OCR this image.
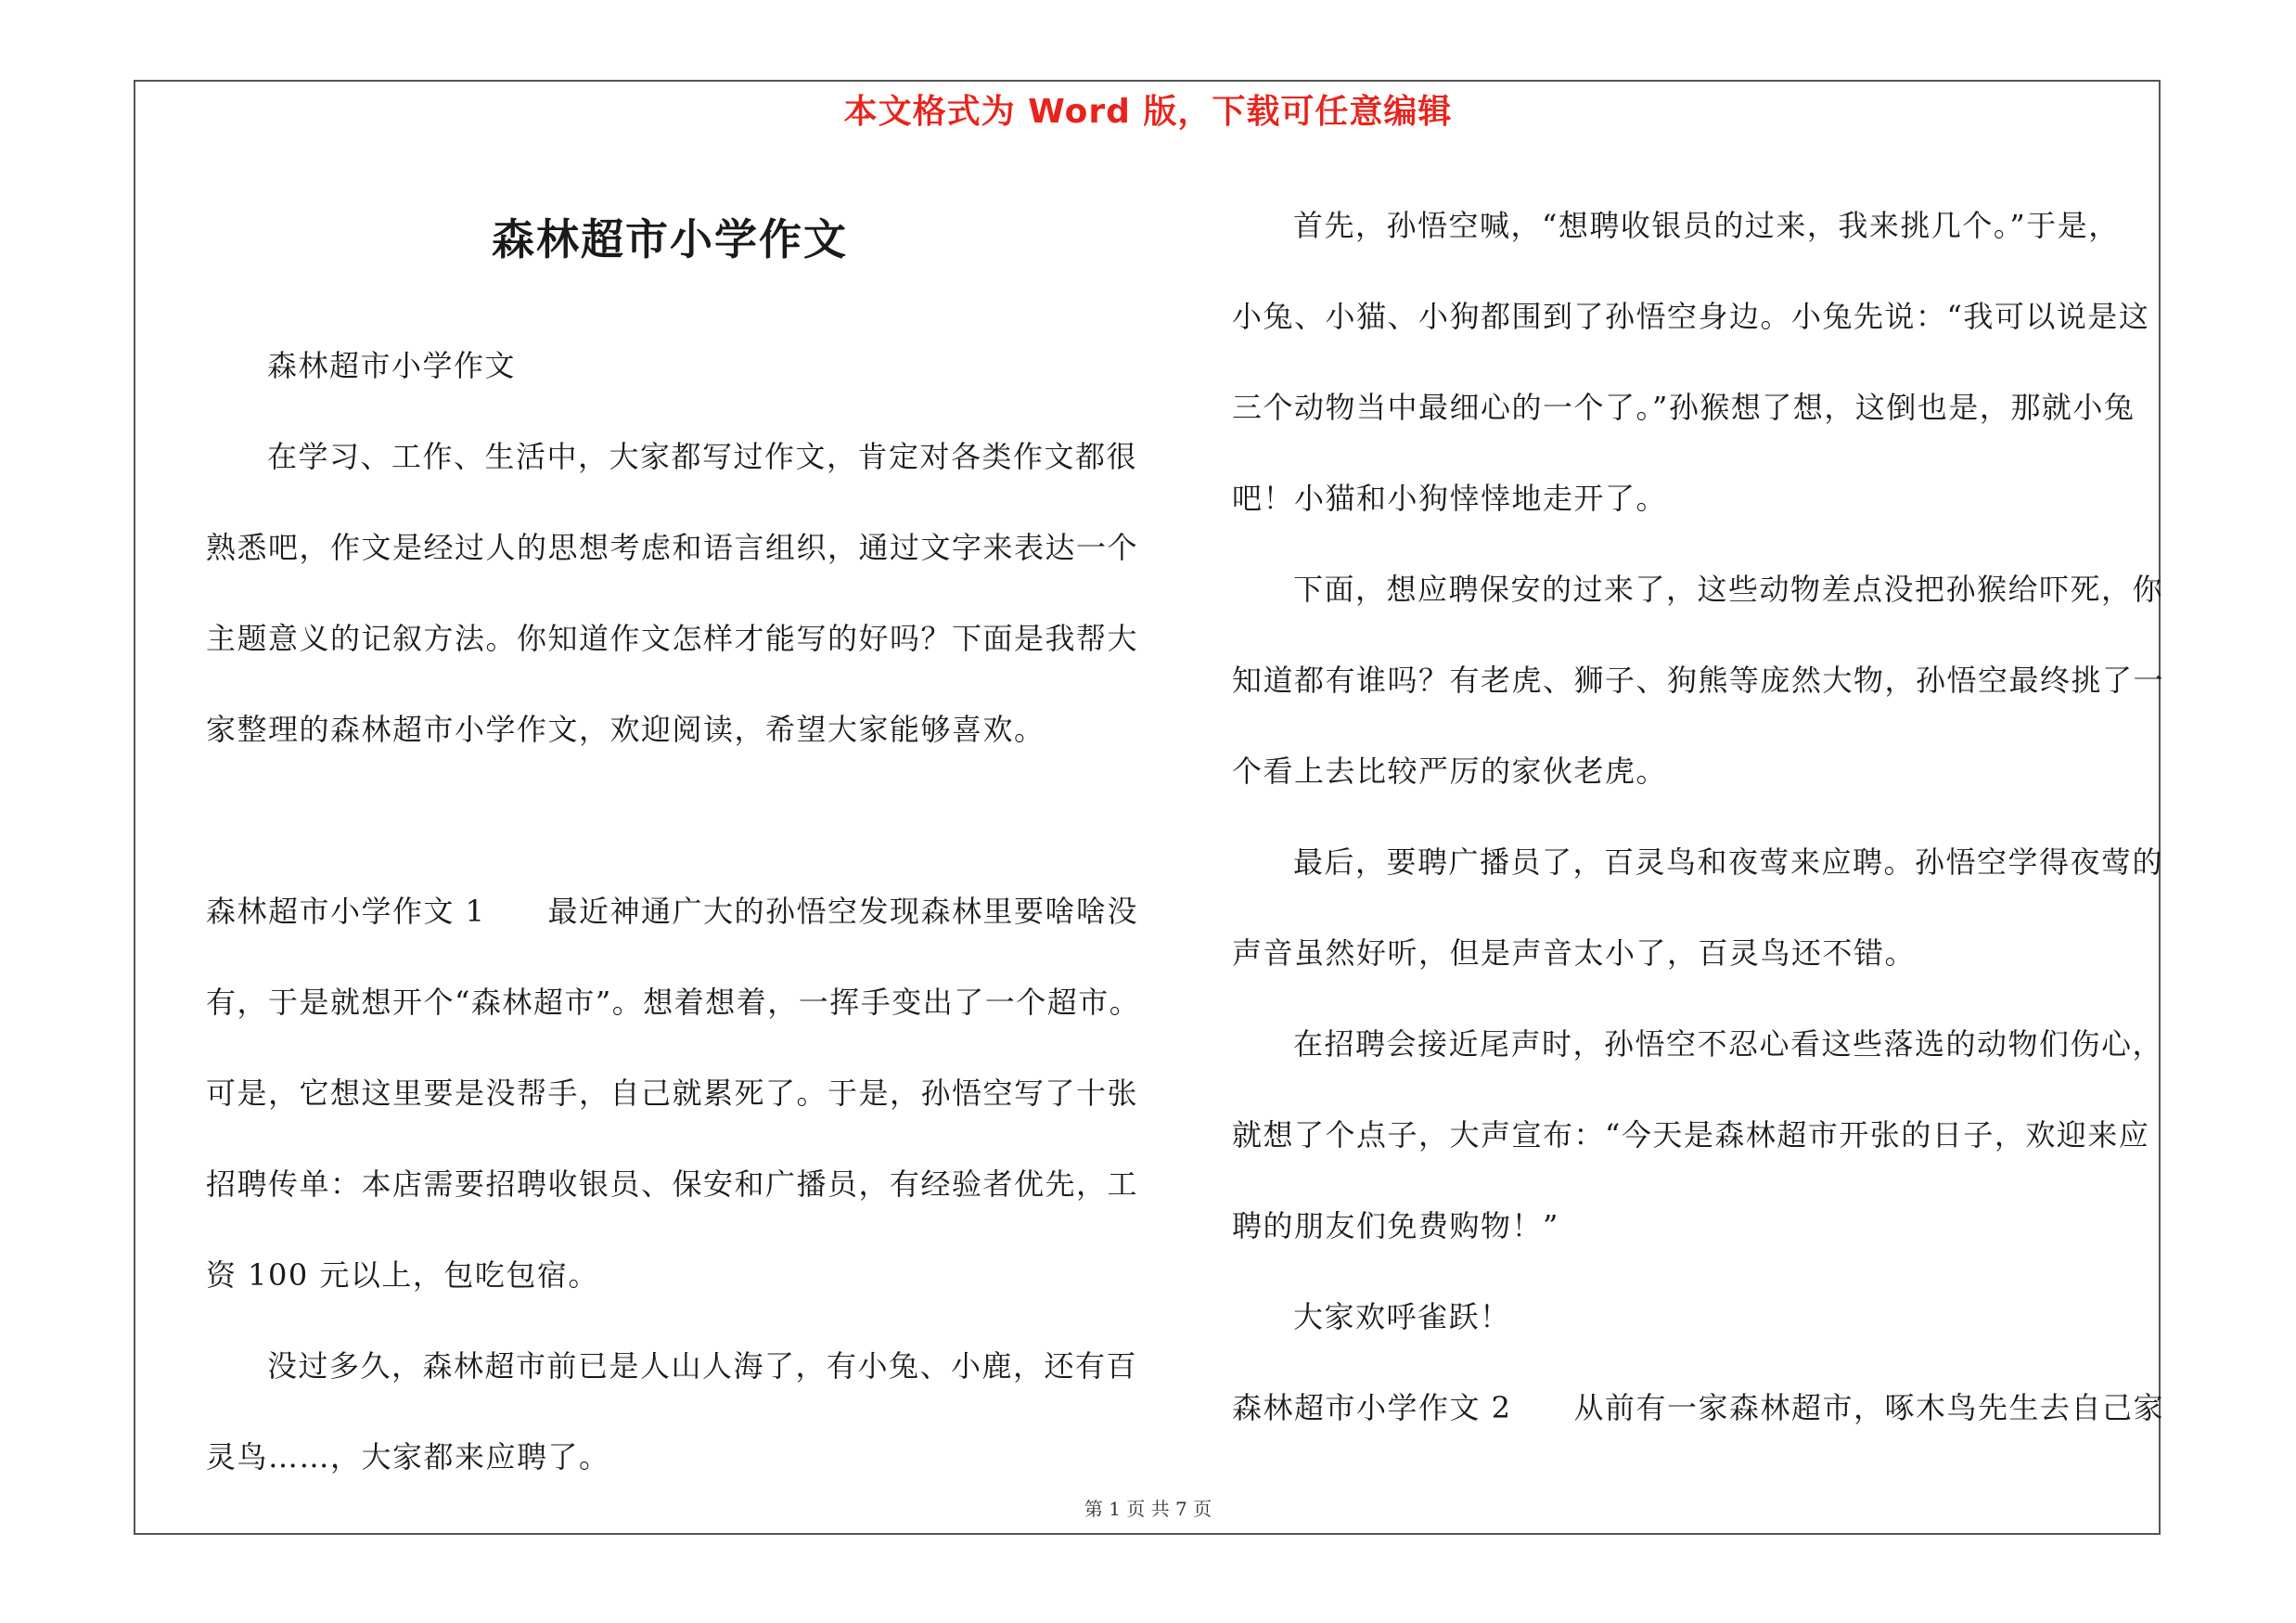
本文格式为 Word 版，下载可任意编辑
森林超市小学作文
森林超市小学作文
在学习、工作、生活中，大家都写过作文，肯定对各类作文都很
熟悉吧，作文是经过人的思想考虑和语言组织，通过文字来表达一个
主题意义的记叙方法。你知道作文怎样才能写的好吗？下面是我帮大
家整理的森林超市小学作文，欢迎阅读，希望大家能够喜欢。
森林超市小学作文 1　　最近神通广大的孙悟空发现森林里要啥啥没
有，于是就想开个“森林超市”。想着想着，一挥手变出了一个超市。
可是，它想这里要是没帮手，自己就累死了。于是，孙悟空写了十张
招聘传单：本店需要招聘收银员、保安和广播员，有经验者优先，工
资 100 元以上，包吃包宿。
没过多久，森林超市前已是人山人海了，有小兔、小鹿，还有百
灵鸟……，大家都来应聘了。
首先，孙悟空喊，“想聘收银员的过来，我来挑几个。”于是，
小兔、小猫、小狗都围到了孙悟空身边。小兔先说：“我可以说是这
三个动物当中最细心的一个了。”孙猴想了想，这倒也是，那就小兔
吧！小猫和小狗悻悻地走开了。
下面，想应聘保安的过来了，这些动物差点没把孙猴给吓死，你
知道都有谁吗？有老虎、狮子、狗熊等庞然大物，孙悟空最终挑了一
个看上去比较严厉的家伙老虎。
最后，要聘广播员了，百灵鸟和夜莺来应聘。孙悟空学得夜莺的
声音虽然好听，但是声音太小了，百灵鸟还不错。
在招聘会接近尾声时，孙悟空不忍心看这些落选的动物们伤心，
就想了个点子，大声宣布：“今天是森林超市开张的日子，欢迎来应
聘的朋友们免费购物！”
大家欢呼雀跃！
森林超市小学作文 2　　从前有一家森林超市，啄木鸟先生去自己家
第 1 页 共 7 页
